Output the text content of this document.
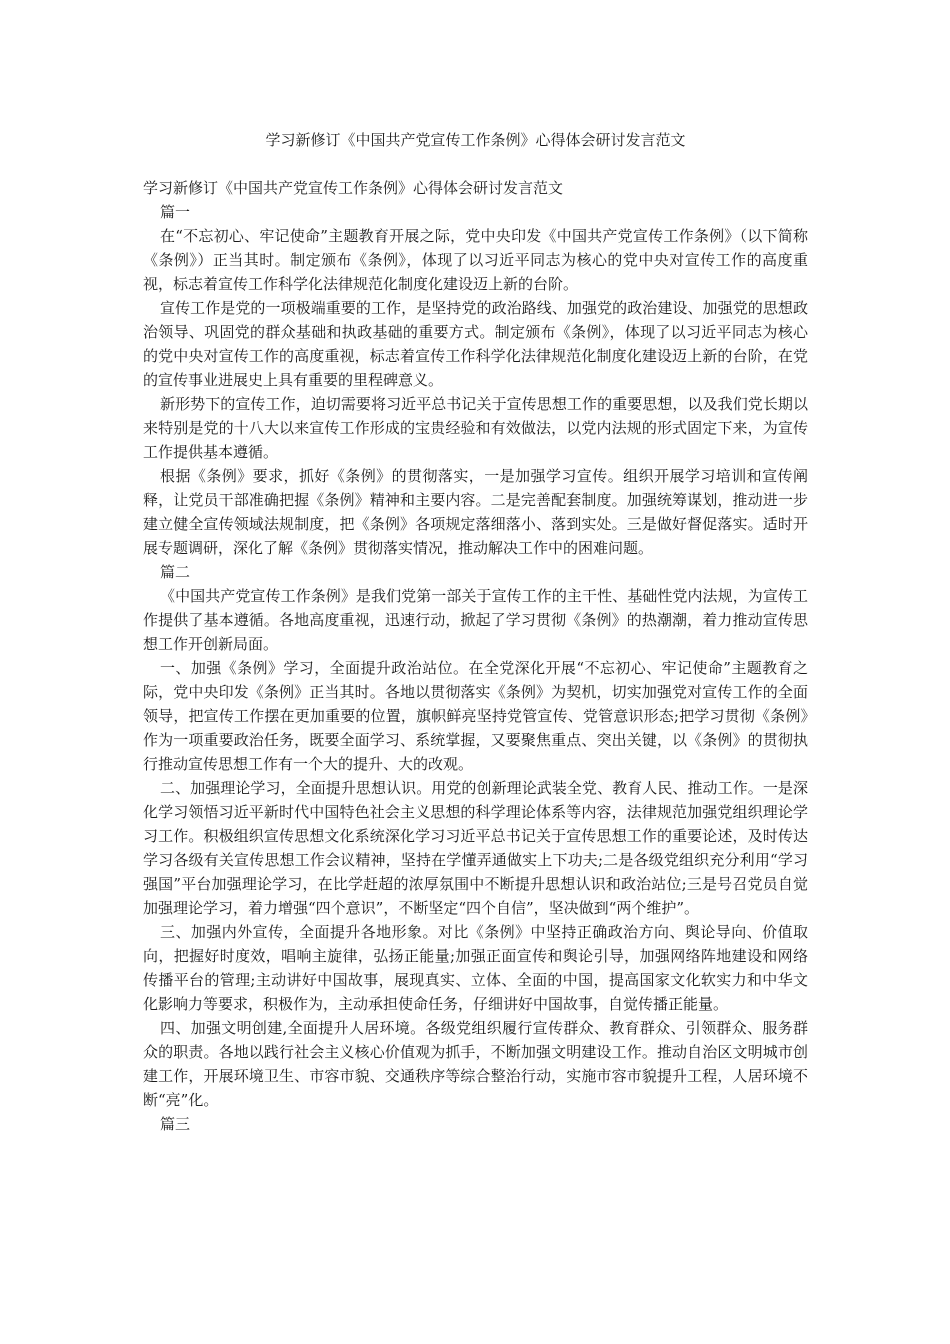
学习新修订《中国共产党宣传工作条例》心得体会研讨发言范文

学习新修订《中国共产党宣传工作条例》心得体会研讨发言范文

篇一

在“不忘初心、牢记使命”主题教育开展之际，党中央印发《中国共产党宣传工作条例》（以下简称《条例》）正当其时。制定颁布《条例》，体现了以习近平同志为核心的党中央对宣传工作的高度重视，标志着宣传工作科学化法律规范化制度化建设迈上新的台阶。

宣传工作是党的一项极端重要的工作，是坚持党的政治路线、加强党的政治建设、加强党的思想政治领导、巩固党的群众基础和执政基础的重要方式。制定颁布《条例》，体现了以习近平同志为核心的党中央对宣传工作的高度重视，标志着宣传工作科学化法律规范化制度化建设迈上新的台阶，在党的宣传事业进展史上具有重要的里程碑意义。

新形势下的宣传工作，迫切需要将习近平总书记关于宣传思想工作的重要思想，以及我们党长期以来特别是党的十八大以来宣传工作形成的宝贵经验和有效做法，以党内法规的形式固定下来，为宣传工作提供基本遵循。

根据《条例》要求，抓好《条例》的贯彻落实，一是加强学习宣传。组织开展学习培训和宣传阐释，让党员干部准确把握《条例》精神和主要内容。二是完善配套制度。加强统筹谋划，推动进一步建立健全宣传领域法规制度，把《条例》各项规定落细落小、落到实处。三是做好督促落实。适时开展专题调研，深化了解《条例》贯彻落实情况，推动解决工作中的困难问题。

篇二

《中国共产党宣传工作条例》是我们党第一部关于宣传工作的主干性、基础性党内法规，为宣传工作提供了基本遵循。各地高度重视，迅速行动，掀起了学习贯彻《条例》的热潮潮，着力推动宣传思想工作开创新局面。

一、加强《条例》学习，全面提升政治站位。在全党深化开展“不忘初心、牢记使命”主题教育之际，党中央印发《条例》正当其时。各地以贯彻落实《条例》为契机，切实加强党对宣传工作的全面领导，把宣传工作摆在更加重要的位置，旗帜鲜亮坚持党管宣传、党管意识形态;把学习贯彻《条例》作为一项重要政治任务，既要全面学习、系统掌握，又要聚焦重点、突出关键，以《条例》的贯彻执行推动宣传思想工作有一个大的提升、大的改观。

二、加强理论学习，全面提升思想认识。用党的创新理论武装全党、教育人民、推动工作。一是深化学习领悟习近平新时代中国特色社会主义思想的科学理论体系等内容，法律规范加强党组织理论学习工作。积极组织宣传思想文化系统深化学习习近平总书记关于宣传思想工作的重要论述，及时传达学习各级有关宣传思想工作会议精神，坚持在学懂弄通做实上下功夫;二是各级党组织充分利用“学习强国”平台加强理论学习，在比学赶超的浓厚氛围中不断提升思想认识和政治站位;三是号召党员自觉加强理论学习，着力增强“四个意识”，不断坚定“四个自信”，坚决做到“两个维护”。

三、加强内外宣传，全面提升各地形象。对比《条例》中坚持正确政治方向、舆论导向、价值取向，把握好时度效，唱响主旋律，弘扬正能量;加强正面宣传和舆论引导，加强网络阵地建设和网络传播平台的管理;主动讲好中国故事，展现真实、立体、全面的中国，提高国家文化软实力和中华文化影响力等要求，积极作为，主动承担使命任务，仔细讲好中国故事，自觉传播正能量。

四、加强文明创建,全面提升人居环境。各级党组织履行宣传群众、教育群众、引领群众、服务群众的职责。各地以践行社会主义核心价值观为抓手，不断加强文明建设工作。推动自治区文明城市创建工作，开展环境卫生、市容市貌、交通秩序等综合整治行动，实施市容市貌提升工程，人居环境不断“亮”化。

篇三
